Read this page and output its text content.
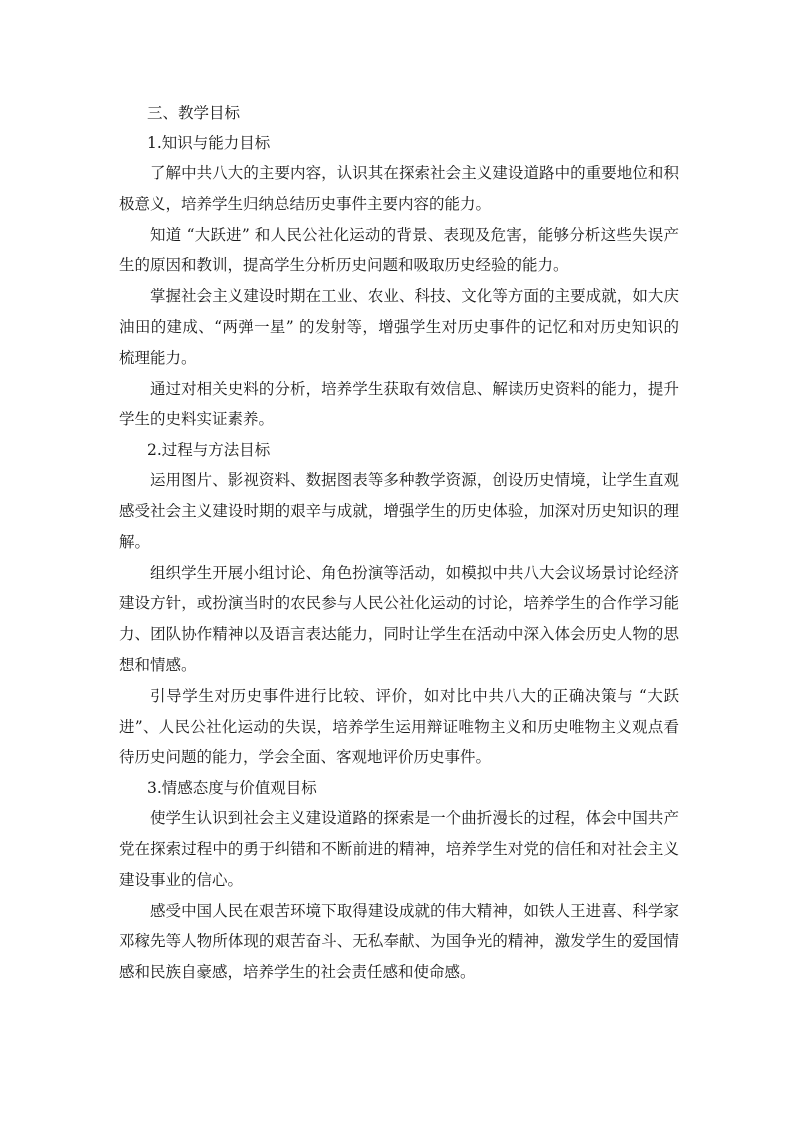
三、教学目标

1.知识与能力目标

了解中共八大的主要内容，认识其在探索社会主义建设道路中的重要地位和积极意义，培养学生归纳总结历史事件主要内容的能力。

知道 “大跃进” 和人民公社化运动的背景、表现及危害，能够分析这些失误产生的原因和教训，提高学生分析历史问题和吸取历史经验的能力。

掌握社会主义建设时期在工业、农业、科技、文化等方面的主要成就，如大庆油田的建成、“两弹一星” 的发射等，增强学生对历史事件的记忆和对历史知识的梳理能力。

通过对相关史料的分析，培养学生获取有效信息、解读历史资料的能力，提升学生的史料实证素养。

2.过程与方法目标

运用图片、影视资料、数据图表等多种教学资源，创设历史情境，让学生直观感受社会主义建设时期的艰辛与成就，增强学生的历史体验，加深对历史知识的理解。

组织学生开展小组讨论、角色扮演等活动，如模拟中共八大会议场景讨论经济建设方针，或扮演当时的农民参与人民公社化运动的讨论，培养学生的合作学习能力、团队协作精神以及语言表达能力，同时让学生在活动中深入体会历史人物的思想和情感。

引导学生对历史事件进行比较、评价，如对比中共八大的正确决策与 “大跃进”、人民公社化运动的失误，培养学生运用辩证唯物主义和历史唯物主义观点看待历史问题的能力，学会全面、客观地评价历史事件。

3.情感态度与价值观目标

使学生认识到社会主义建设道路的探索是一个曲折漫长的过程，体会中国共产党在探索过程中的勇于纠错和不断前进的精神，培养学生对党的信任和对社会主义建设事业的信心。

感受中国人民在艰苦环境下取得建设成就的伟大精神，如铁人王进喜、科学家邓稼先等人物所体现的艰苦奋斗、无私奉献、为国争光的精神，激发学生的爱国情感和民族自豪感，培养学生的社会责任感和使命感。
